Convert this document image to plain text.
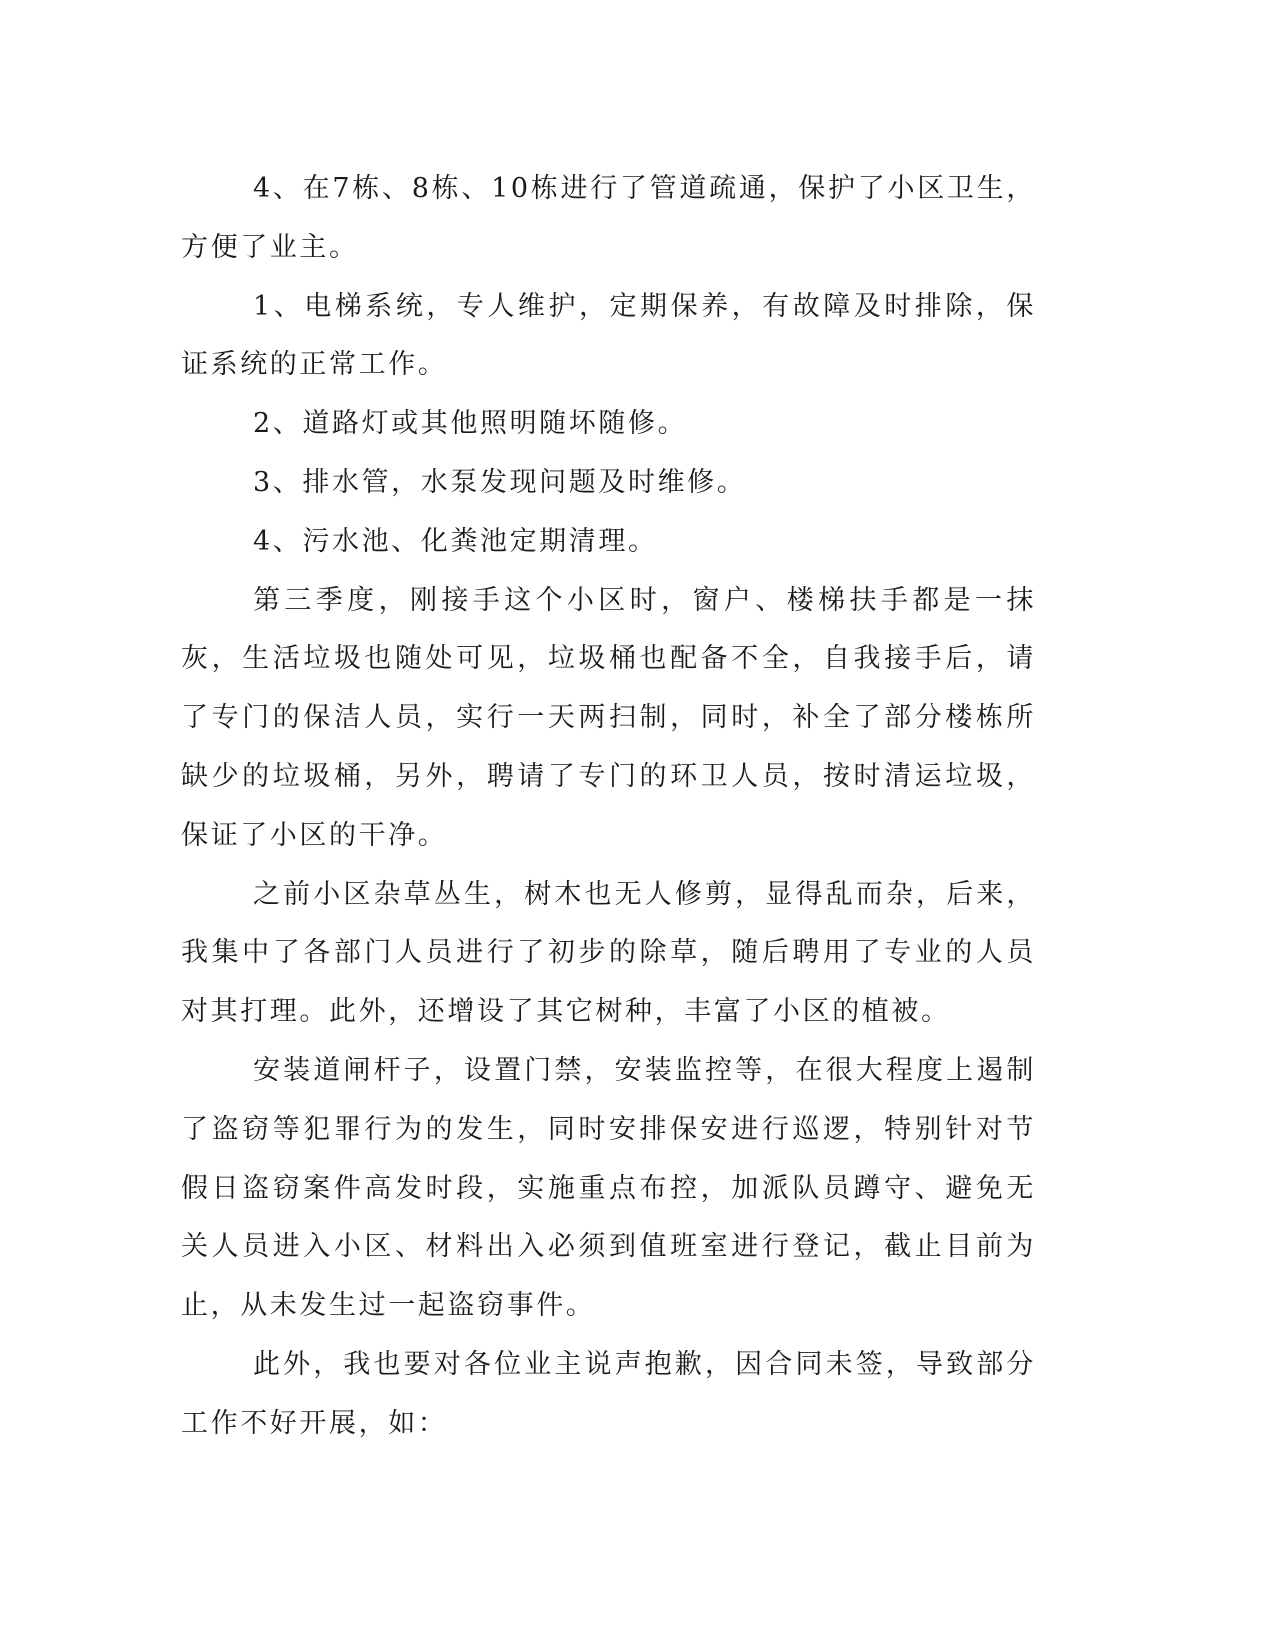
4、在7栋、8栋、10栋进行了管道疏通，保护了小区卫生，方便了业主。

1、电梯系统，专人维护，定期保养，有故障及时排除，保证系统的正常工作。

2、道路灯或其他照明随坏随修。

3、排水管，水泵发现问题及时维修。

4、污水池、化粪池定期清理。

第三季度，刚接手这个小区时，窗户、楼梯扶手都是一抹灰，生活垃圾也随处可见，垃圾桶也配备不全，自我接手后，请了专门的保洁人员，实行一天两扫制，同时，补全了部分楼栋所缺少的垃圾桶，另外，聘请了专门的环卫人员，按时清运垃圾，保证了小区的干净。

之前小区杂草丛生，树木也无人修剪，显得乱而杂，后来，我集中了各部门人员进行了初步的除草，随后聘用了专业的人员对其打理。此外，还增设了其它树种，丰富了小区的植被。

安装道闸杆子，设置门禁，安装监控等，在很大程度上遏制了盗窃等犯罪行为的发生，同时安排保安进行巡逻，特别针对节假日盗窃案件高发时段，实施重点布控，加派队员蹲守、避免无关人员进入小区、材料出入必须到值班室进行登记，截止目前为止，从未发生过一起盗窃事件。

此外，我也要对各位业主说声抱歉，因合同未签，导致部分工作不好开展，如：
